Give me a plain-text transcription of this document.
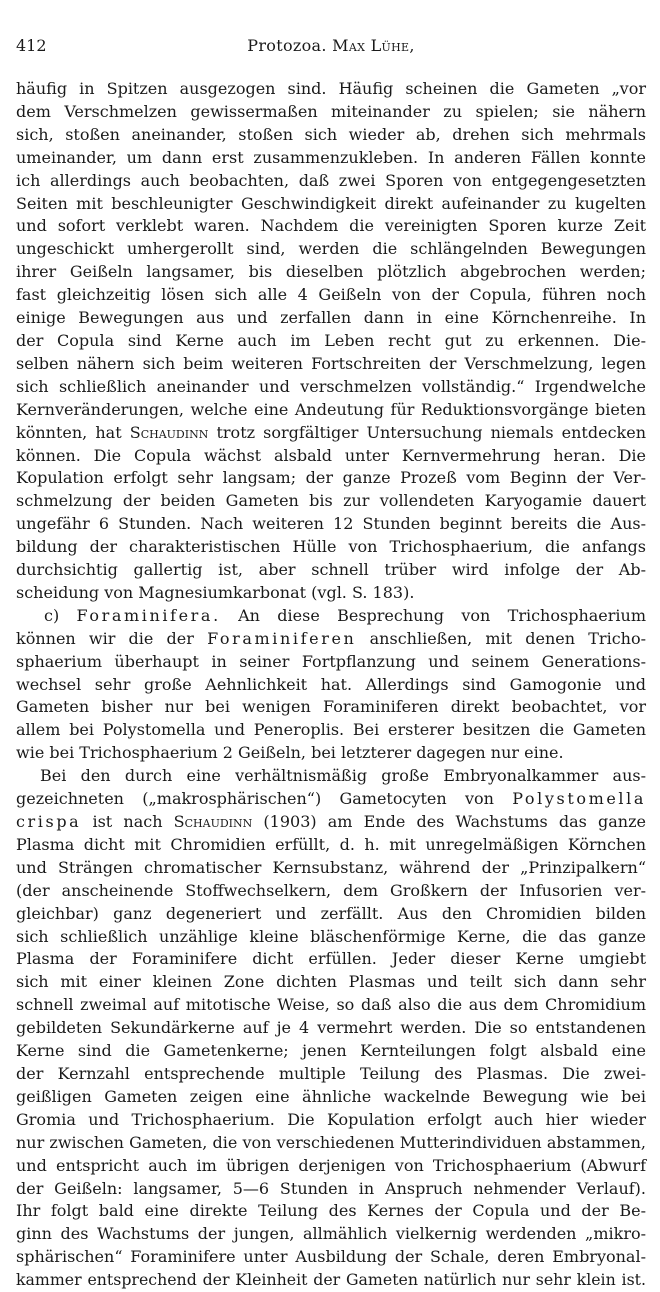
412	Protozoa. Max Lühe,
häufig in Spitzen ausgezogen sind. Häufig scheinen die Gameten „vor
dem Verschmelzen gewissermaßen miteinander zu spielen; sie nähern
sich, stoßen aneinander, stoßen sich wieder ab, drehen sich mehrmals
umeinander, um dann erst zusammenzukleben. In anderen Fällen konnte
ich allerdings auch beobachten, daß zwei Sporen von entgegengesetzten
Seiten mit beschleunigter Geschwindigkeit direkt aufeinander zu kugelten
und sofort verklebt waren. Nachdem die vereinigten Sporen kurze Zeit
ungeschickt umhergerollt sind, werden die schlängelnden Bewegungen
ihrer Geißeln langsamer, bis dieselben plötzlich abgebrochen werden;
fast gleichzeitig lösen sich alle 4 Geißeln von der Copula, führen noch
einige Bewegungen aus und zerfallen dann in eine Körnchenreihe. In
der Copula sind Kerne auch im Leben recht gut zu erkennen. Die-
selben nähern sich beim weiteren Fortschreiten der Verschmelzung, legen
sich schließlich aneinander und verschmelzen vollständig.“ Irgendwelche
Kernveränderungen, welche eine Andeutung für Reduktionsvorgänge bieten
könnten, hat Schaudinn trotz sorgfältiger Untersuchung niemals entdecken
können. Die Copula wächst alsbald unter Kernvermehrung heran. Die
Kopulation erfolgt sehr langsam; der ganze Prozeß vom Beginn der Ver-
schmelzung der beiden Gameten bis zur vollendeten Karyogamie dauert
ungefähr 6 Stunden. Nach weiteren 12 Stunden beginnt bereits die Aus-
bildung der charakteristischen Hülle von Trichosphaerium, die anfangs
durchsichtig gallertig ist, aber schnell trüber wird infolge der Ab-
scheidung von Magnesiumkarbonat (vgl. S. 183).
c) Foraminifera. An diese Besprechung von Trichosphaerium
können wir die der Foraminiferen anschließen, mit denen Tricho-
sphaerium überhaupt in seiner Fortpflanzung und seinem Generations-
wechsel sehr große Aehnlichkeit hat. Allerdings sind Gamogonie und
Gameten bisher nur bei wenigen Foraminiferen direkt beobachtet, vor
allem bei Polystomella und Peneroplis. Bei ersterer besitzen die Gameten
wie bei Trichosphaerium 2 Geißeln, bei letzterer dagegen nur eine.
Bei den durch eine verhältnismäßig große Embryonalkammer aus-
gezeichneten („makrosphärischen“) Gametocyten von Polystomella
crispa ist nach Schaudinn (1903) am Ende des Wachstums das ganze
Plasma dicht mit Chromidien erfüllt, d. h. mit unregelmäßigen Körnchen
und Strängen chromatischer Kernsubstanz, während der „Prinzipalkern“
(der anscheinende Stoffwechselkern, dem Großkern der Infusorien ver-
gleichbar) ganz degeneriert und zerfällt. Aus den Chromidien bilden
sich schließlich unzählige kleine bläschenförmige Kerne, die das ganze
Plasma der Foraminifere dicht erfüllen. Jeder dieser Kerne umgiebt
sich mit einer kleinen Zone dichten Plasmas und teilt sich dann sehr
schnell zweimal auf mitotische Weise, so daß also die aus dem Chromidium
gebildeten Sekundärkerne auf je 4 vermehrt werden. Die so entstandenen
Kerne sind die Gametenkerne; jenen Kernteilungen folgt alsbald eine
der Kernzahl entsprechende multiple Teilung des Plasmas. Die zwei-
geißligen Gameten zeigen eine ähnliche wackelnde Bewegung wie bei
Gromia und Trichosphaerium. Die Kopulation erfolgt auch hier wieder
nur zwischen Gameten, die von verschiedenen Mutterindividuen abstammen,
und entspricht auch im übrigen derjenigen von Trichosphaerium (Abwurf
der Geißeln: langsamer, 5—6 Stunden in Anspruch nehmender Verlauf).
Ihr folgt bald eine direkte Teilung des Kernes der Copula und der Be-
ginn des Wachstums der jungen, allmählich vielkernig werdenden „mikro-
sphärischen“ Foraminifere unter Ausbildung der Schale, deren Embryonal-
kammer entsprechend der Kleinheit der Gameten natürlich nur sehr klein ist.
